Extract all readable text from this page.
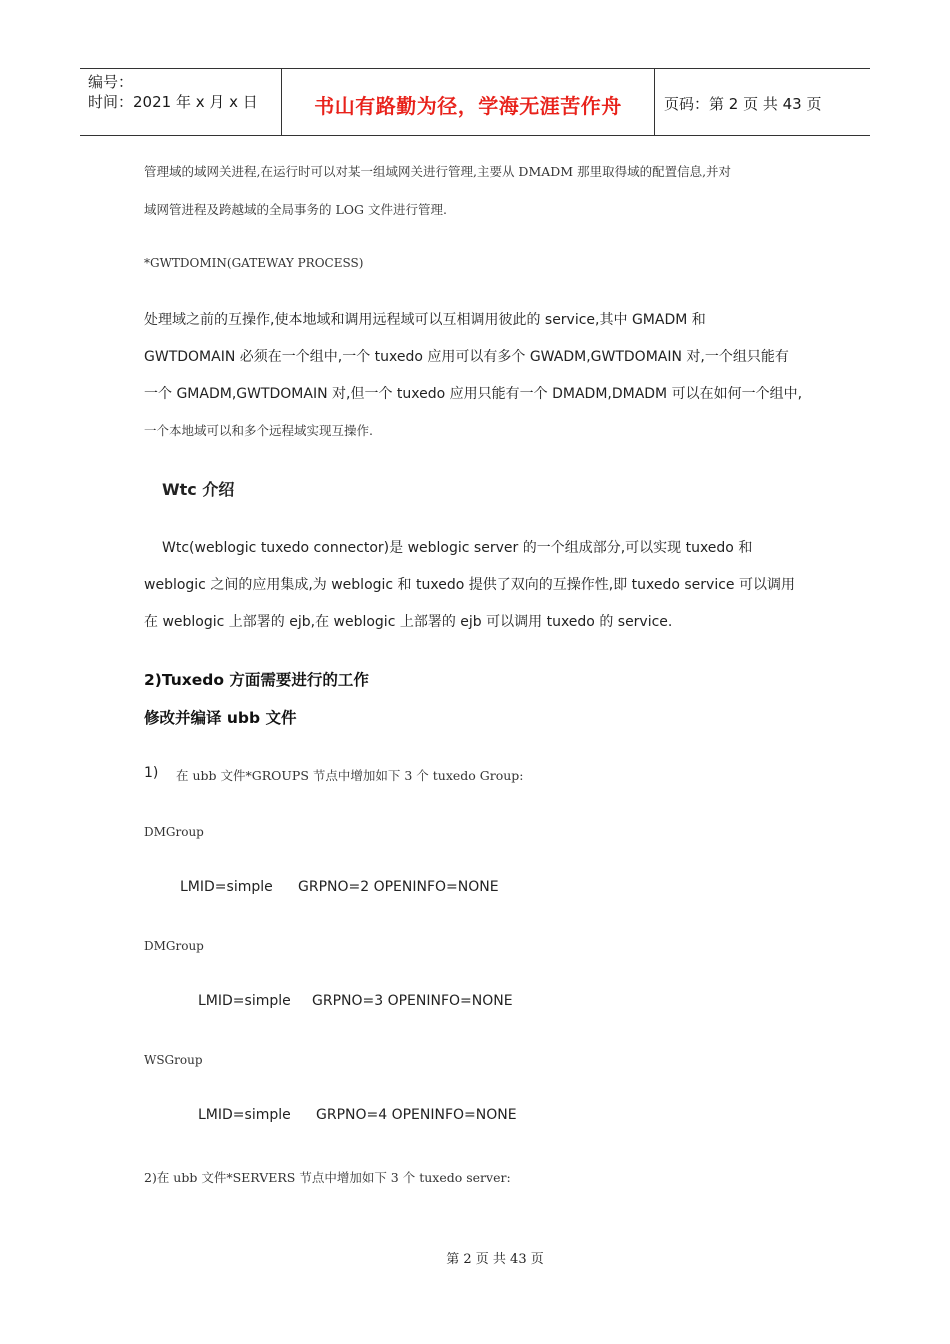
编号：
时间：2021 年 x 月 x 日	书山有路勤为径，学海无涯苦作舟	页码：第 2 页 共 43 页
管理域的域网关进程,在运行时可以对某一组域网关进行管理,主要从 DMADM 那里取得域的配置信息,并对
域网管进程及跨越域的全局事务的 LOG 文件进行管理.
*GWTDOMIN(GATEWAY PROCESS)
处理域之前的互操作,使本地域和调用远程域可以互相调用彼此的 service,其中 GMADM 和
GWTDOMAIN 必须在一个组中,一个 tuxedo 应用可以有多个 GWADM,GWTDOMAIN 对,一个组只能有
一个 GMADM,GWTDOMAIN 对,但一个 tuxedo 应用只能有一个 DMADM,DMADM 可以在如何一个组中,
一个本地域可以和多个远程域实现互操作.
Wtc 介绍
Wtc(weblogic tuxedo connector)是 weblogic server 的一个组成部分,可以实现 tuxedo 和
weblogic 之间的应用集成,为 weblogic 和 tuxedo 提供了双向的互操作性,即 tuxedo service 可以调用
在 weblogic 上部署的 ejb,在 weblogic 上部署的 ejb 可以调用 tuxedo 的 service.
2)Tuxedo 方面需要进行的工作
修改并编译 ubb 文件
1) 在 ubb 文件*GROUPS 节点中增加如下 3 个 tuxedo Group:
DMGroup
LMID=simple GRPNO=2 OPENINFO=NONE
DMGroup
LMID=simple GRPNO=3 OPENINFO=NONE
WSGroup
LMID=simple GRPNO=4 OPENINFO=NONE
2)在 ubb 文件*SERVERS 节点中增加如下 3 个 tuxedo server:
第 2 页 共 43 页
